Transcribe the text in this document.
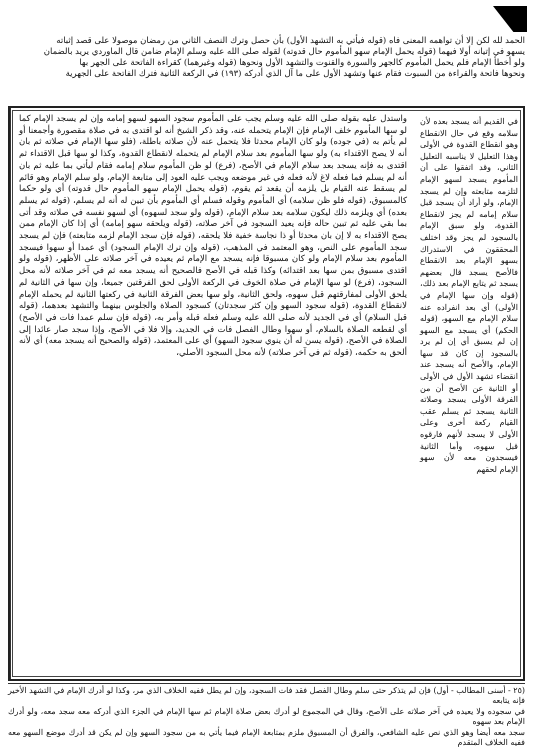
الحمد لله لكن إلا أن تواهمه المعنى فاه (قوله فيأتي به التشهد الأول) بأن حصل وترك النصف الثاني من رمضان موصولا على قصد إثباته
يسهو في إتيانه أولا فيهما (قوله يحمل الإمام سهو المأموم حال قدوته) لقوله صلى الله عليه وسلم الإمام ضامن قال الماوردي يريد بالضمان
ولو أخطأ الإمام فلم يحمل المأموم كالجهر والسورة والقنوت والتشهد الأول ونحوها (قوله وغيرهما) كقراءة الفاتحة على الجهر بها
ونحوها فاتحة والقراءة من السبوت فقام عنها وتشهد الأول على ما آل الذي أدركه (١٩٣) في الركعة الثانية فترك الفاتحة على الجهرية
في القديم أنه يسجد بعده لأن سلامه وقع في حال الانقطاع وهو انقطاع القدوة في الأولى وهذا التعليل لا يناسبه التعليل الثاني، وقد اتفقوا على أن المأموم يسجد لسهو الإمام لتلزمه متابعته وإن لم يسجد الإمام، ولو أراد أن يسجد قبل سلام إمامه لم يجز لانقطاع القدوة، ولو سبق الإمام بالسجود لم يجز وقد اختلف المحققون في الاستدراك بسهو الإمام بعد الانقطاع فالأصح يسجد قال بعضهم يسجد ثم يتابع الإمام بعد ذلك، (قوله وإن سها الإمام في الأولى) أي بعد انفراده عنه سلام الإمام مع السهو، (قوله الحكم) أي يسجد مع السهو إن لم يسبق أي إن لم يرد بالسجود إن كان قد سها الإمام، والأصح أنه يسجد عند انقضاء تشهد الأول في الأولى أو الثانية عن الأصح أن من الفرقة الأولى يسجد وصلاته الثانية يسجد ثم يسلم عقب القيام ركعة أخرى وعلى الأولى لا يسجد لأنهم فارقوه قبل سهوه، وأما الثانية فيسجدون معه لأن سهو الإمام لحقهم
واستدل عليه بقوله صلى الله عليه وسلم يجب على المأموم سجود السهو لسهو إمامه وإن لم يسجد الإمام كما لو سها المأموم خلف الإمام فإن الإمام يتحمله عنه، وقد ذكر الشيخ أنه لو اقتدى به في صلاة مقصورة وأجمعنا أو لم يأتم به (في جوده) ولو كان الإمام محدثا فلا يتحمل عنه لأن صلاته باطلة، (فلو سها الإمام في صلاته ثم بان أنه لا يصح الاقتداء به) ولو سها المأموم بعد سلام الإمام لم يتحمله لانقطاع القدوة، وكذا لو سها قبل الاقتداء ثم اقتدى به فإنه يسجد بعد سلام الإمام في الأصح، (فرع) لو ظن المأموم سلام إمامه فقام ليأتي بما عليه ثم بان أنه لم يسلم فما فعله لاغ لأنه فعله في غير موضعه ويجب عليه العود إلى متابعة الإمام، ولو سلم الإمام وهو قائم لم يسقط عنه القيام بل يلزمه أن يقعد ثم يقوم، (قوله يحمل الإمام سهو المأموم حال قدوته) أي ولو حكما كالمسبوق، (قوله فلو ظن سلامه) أي المأموم وقوله فسلم أي المأموم بأن تبين له أنه لم يسلم، (قوله ثم يسلم بعده) أي ويلزمه ذلك ليكون سلامه بعد سلام الإمام، (قوله ولو سجد لسهوه) أي لسهو نفسه في صلاته وقد أتى بما بقي عليه ثم تبين حاله فإنه يعيد السجود في آخر صلاته، (قوله ويلحقه سهو إمامه) أي إذا كان الإمام ممن يصح الاقتداء به لا إن بان محدثا أو ذا نجاسة خفية فلا يلحقه، (قوله فإن سجد الإمام لزمه متابعته) فإن لم يسجد سجد المأموم على النص، وهو المعتمد في المذهب، (قوله وإن ترك الإمام السجود) أي عمدا أو سهوا فيسجد المأموم بعد سلام الإمام ولو كان مسبوقا فإنه يسجد مع الإمام ثم يعيده في آخر صلاته على الأظهر، (قوله ولو اقتدى مسبوق بمن سها بعد اقتدائه) وكذا قبله في الأصح فالصحيح أنه يسجد معه ثم في آخر صلاته لأنه محل السجود، (فرع) لو سها الإمام في صلاة الخوف في الركعة الأولى لحق الفرقتين جميعا، وإن سها في الثانية لم يلحق الأولى لمفارقتهم قبل سهوه، ولحق الثانية، ولو سها بعض الفرقة الثانية في ركعتها الثانية لم يحمله الإمام لانقطاع القدوة، (قوله سجود السهو وإن كثر سجدتان) كسجود الصلاة والجلوس بينهما والتشهد بعدهما، (قوله قبل السلام) أي في الجديد لأنه صلى الله عليه وسلم فعله قبله وأمر به، (قوله فإن سلم عمدا فات في الأصح) أي لقطعه الصلاة بالسلام، أو سهوا وطال الفصل فات في الجديد، وإلا فلا في الأصح، وإذا سجد صار عائدا إلى الصلاة في الأصح، (قوله يسن له أن ينوي سجود السهو) أي على المعتمد، (قوله والصحيح أنه يسجد معه) أي لأنه ألحق به حكمه، (قوله ثم في آخر صلاته) لأنه محل السجود الأصلي،
(٢٥ - أسنى المطالب - أول) فإن لم يتذكر حتى سلم وطال الفصل فقد فات السجود، وإن لم يطل ففيه الخلاف الذي مر، وكذا لو أدرك الإمام في التشهد الأخير فإنه يتابعه
في سجوده ولا يعيده في آخر صلاته على الأصح، وقال في المجموع لو أدرك بعض صلاة الإمام ثم سها الإمام في الجزء الذي أدركه معه سجد معه، ولو أدرك الإمام بعد سهوه
سجد معه أيضا وهو الذي نص عليه الشافعي، والفرق أن المسبوق ملزم بمتابعة الإمام فيما يأتي به من سجود السهو وإن لم يكن قد أدرك موضع السهو معه ففيه الخلاف المتقدم
